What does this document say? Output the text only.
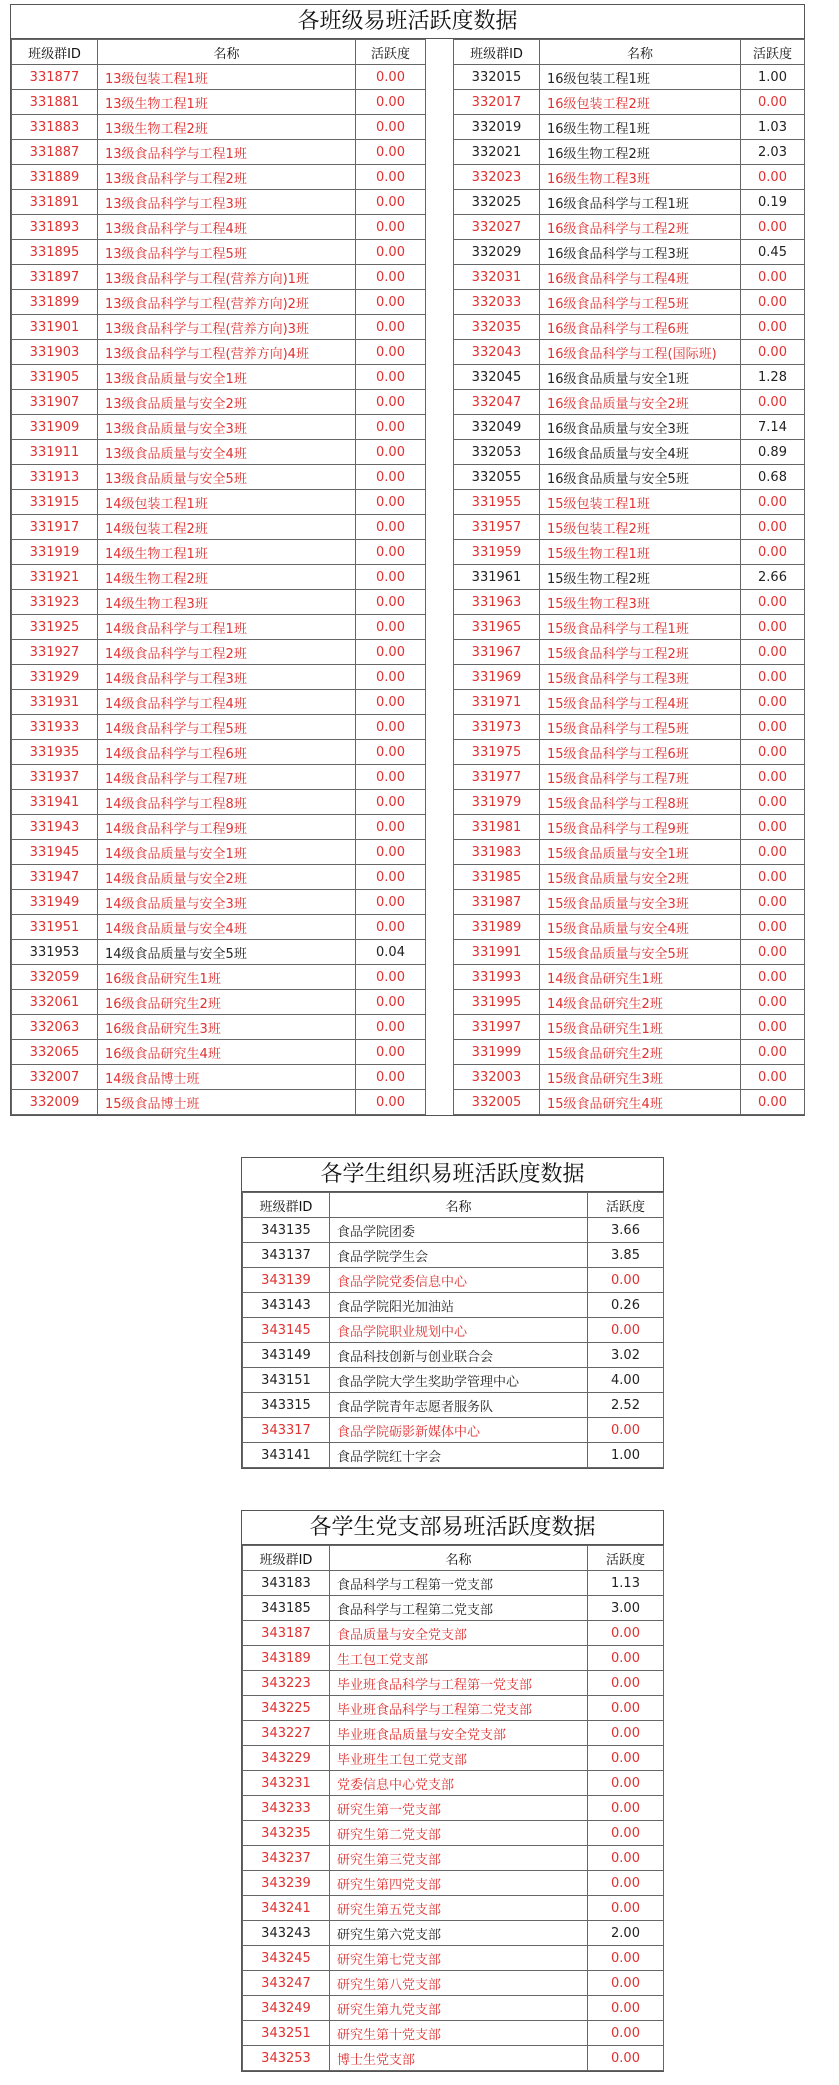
各班级易班活跃度数据
班级群ID	名称	活跃度		班级群ID	名称	活跃度
331877	13级包装工程1班	0.00		332015	16级包装工程1班	1.00
331881	13级生物工程1班	0.00		332017	16级包装工程2班	0.00
331883	13级生物工程2班	0.00		332019	16级生物工程1班	1.03
331887	13级食品科学与工程1班	0.00		332021	16级生物工程2班	2.03
331889	13级食品科学与工程2班	0.00		332023	16级生物工程3班	0.00
331891	13级食品科学与工程3班	0.00		332025	16级食品科学与工程1班	0.19
331893	13级食品科学与工程4班	0.00		332027	16级食品科学与工程2班	0.00
331895	13级食品科学与工程5班	0.00		332029	16级食品科学与工程3班	0.45
331897	13级食品科学与工程(营养方向)1班	0.00		332031	16级食品科学与工程4班	0.00
331899	13级食品科学与工程(营养方向)2班	0.00		332033	16级食品科学与工程5班	0.00
331901	13级食品科学与工程(营养方向)3班	0.00		332035	16级食品科学与工程6班	0.00
331903	13级食品科学与工程(营养方向)4班	0.00		332043	16级食品科学与工程(国际班)	0.00
331905	13级食品质量与安全1班	0.00		332045	16级食品质量与安全1班	1.28
331907	13级食品质量与安全2班	0.00		332047	16级食品质量与安全2班	0.00
331909	13级食品质量与安全3班	0.00		332049	16级食品质量与安全3班	7.14
331911	13级食品质量与安全4班	0.00		332053	16级食品质量与安全4班	0.89
331913	13级食品质量与安全5班	0.00		332055	16级食品质量与安全5班	0.68
331915	14级包装工程1班	0.00		331955	15级包装工程1班	0.00
331917	14级包装工程2班	0.00		331957	15级包装工程2班	0.00
331919	14级生物工程1班	0.00		331959	15级生物工程1班	0.00
331921	14级生物工程2班	0.00		331961	15级生物工程2班	2.66
331923	14级生物工程3班	0.00		331963	15级生物工程3班	0.00
331925	14级食品科学与工程1班	0.00		331965	15级食品科学与工程1班	0.00
331927	14级食品科学与工程2班	0.00		331967	15级食品科学与工程2班	0.00
331929	14级食品科学与工程3班	0.00		331969	15级食品科学与工程3班	0.00
331931	14级食品科学与工程4班	0.00		331971	15级食品科学与工程4班	0.00
331933	14级食品科学与工程5班	0.00		331973	15级食品科学与工程5班	0.00
331935	14级食品科学与工程6班	0.00		331975	15级食品科学与工程6班	0.00
331937	14级食品科学与工程7班	0.00		331977	15级食品科学与工程7班	0.00
331941	14级食品科学与工程8班	0.00		331979	15级食品科学与工程8班	0.00
331943	14级食品科学与工程9班	0.00		331981	15级食品科学与工程9班	0.00
331945	14级食品质量与安全1班	0.00		331983	15级食品质量与安全1班	0.00
331947	14级食品质量与安全2班	0.00		331985	15级食品质量与安全2班	0.00
331949	14级食品质量与安全3班	0.00		331987	15级食品质量与安全3班	0.00
331951	14级食品质量与安全4班	0.00		331989	15级食品质量与安全4班	0.00
331953	14级食品质量与安全5班	0.04		331991	15级食品质量与安全5班	0.00
332059	16级食品研究生1班	0.00		331993	14级食品研究生1班	0.00
332061	16级食品研究生2班	0.00		331995	14级食品研究生2班	0.00
332063	16级食品研究生3班	0.00		331997	15级食品研究生1班	0.00
332065	16级食品研究生4班	0.00		331999	15级食品研究生2班	0.00
332007	14级食品博士班	0.00		332003	15级食品研究生3班	0.00
332009	15级食品博士班	0.00		332005	15级食品研究生4班	0.00
各学生组织易班活跃度数据
班级群ID	名称	活跃度
343135	食品学院团委	3.66
343137	食品学院学生会	3.85
343139	食品学院党委信息中心	0.00
343143	食品学院阳光加油站	0.26
343145	食品学院职业规划中心	0.00
343149	食品科技创新与创业联合会	3.02
343151	食品学院大学生奖助学管理中心	4.00
343315	食品学院青年志愿者服务队	2.52
343317	食品学院砺影新媒体中心	0.00
343141	食品学院红十字会	1.00
各学生党支部易班活跃度数据
班级群ID	名称	活跃度
343183	食品科学与工程第一党支部	1.13
343185	食品科学与工程第二党支部	3.00
343187	食品质量与安全党支部	0.00
343189	生工包工党支部	0.00
343223	毕业班食品科学与工程第一党支部	0.00
343225	毕业班食品科学与工程第二党支部	0.00
343227	毕业班食品质量与安全党支部	0.00
343229	毕业班生工包工党支部	0.00
343231	党委信息中心党支部	0.00
343233	研究生第一党支部	0.00
343235	研究生第二党支部	0.00
343237	研究生第三党支部	0.00
343239	研究生第四党支部	0.00
343241	研究生第五党支部	0.00
343243	研究生第六党支部	2.00
343245	研究生第七党支部	0.00
343247	研究生第八党支部	0.00
343249	研究生第九党支部	0.00
343251	研究生第十党支部	0.00
343253	博士生党支部	0.00
